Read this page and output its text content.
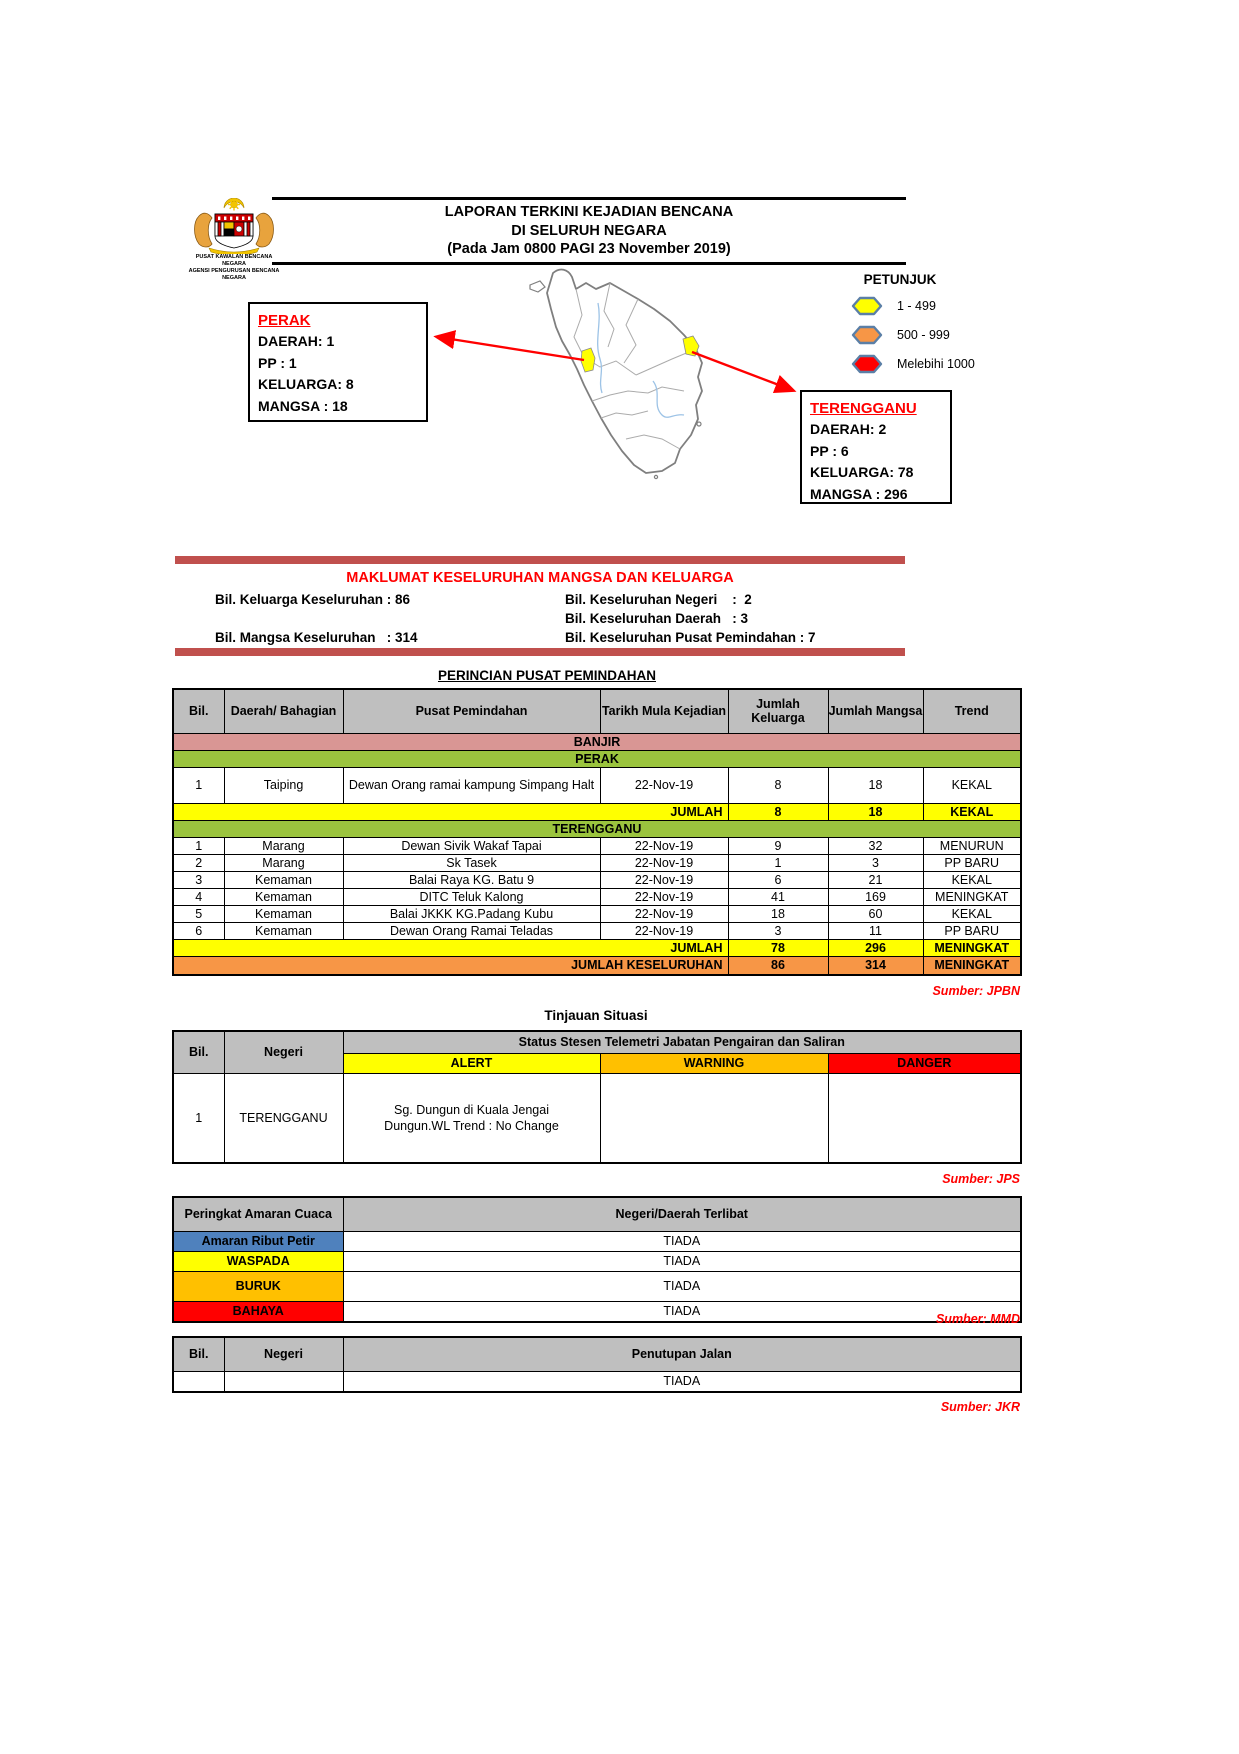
PUSAT KAWALAN BENCANA NEGARA
AGENSI PENGURUSAN BENCANA NEGARA
LAPORAN TERKINI KEJADIAN BENCANA
DI SELURUH NEGARA
(Pada Jam 0800 PAGI 23 November 2019)
PETUNJUK
1 - 499
500 - 999
Melebihi 1000
PERAK
DAERAH: 1
PP : 1
KELUARGA: 8
MANGSA : 18	TERENGGANU
DAERAH: 2
PP : 6
KELUARGA: 78
MANGSA : 296
MAKLUMAT KESELURUHAN MANGSA DAN KELUARGA
Bil. Keluarga Keseluruhan : 86
Bil. Mangsa Keseluruhan   : 314
Bil. Keseluruhan Negeri    :  2
Bil. Keseluruhan Daerah   : 3
Bil. Keseluruhan Pusat Pemindahan : 7
PERINCIAN PUSAT PEMINDAHAN
Bil.	Daerah/ Bahagian	Pusat Pemindahan	Tarikh Mula Kejadian	Jumlah Keluarga	Jumlah Mangsa	Trend
BANJIR						
PERAK						
1	Taiping	Dewan Orang ramai kampung Simpang Halt	22-Nov-19	8	18	KEKAL
JUMLAH				8	18	KEKAL
TERENGGANU						
1	Marang	Dewan Sivik Wakaf Tapai	22-Nov-19	9	32	MENURUN
2	Marang	Sk Tasek	22-Nov-19	1	3	PP BARU
3	Kemaman	Balai Raya KG. Batu 9	22-Nov-19	6	21	KEKAL
4	Kemaman	DITC Teluk Kalong	22-Nov-19	41	169	MENINGKAT
5	Kemaman	Balai JKKK KG.Padang Kubu	22-Nov-19	18	60	KEKAL
6	Kemaman	Dewan Orang Ramai Teladas	22-Nov-19	3	11	PP BARU
JUMLAH				78	296	MENINGKAT
JUMLAH KESELURUHAN				86	314	MENINGKAT
Sumber: JPBN
Tinjauan Situasi
Bil.	Negeri	Status Stesen Telemetri Jabatan Pengairan dan Saliran		
		ALERT	WARNING	DANGER
1	TERENGGANU	Sg. Dungun di Kuala Jengai Dungun.WL Trend : No Change		
Sumber: JPS
Peringkat Amaran Cuaca	Negeri/Daerah Terlibat
Amaran Ribut Petir	TIADA
WASPADA	TIADA
BURUK	TIADA
BAHAYA	TIADA
Sumber: MMD
Bil.	Negeri	Penutupan Jalan
		TIADA
Sumber: JKR
